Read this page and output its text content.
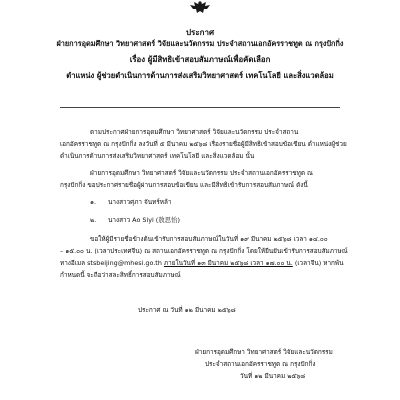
ประกาศ
ฝ่ายการอุดมศึกษา วิทยาศาสตร์ วิจัยและนวัตกรรม ประจำสถานเอกอัครราชทูต ณ กรุงปักกิ่ง
เรื่อง ผู้มีสิทธิเข้าสอบสัมภาษณ์เพื่อคัดเลือก
ตำแหน่ง ผู้ช่วยดำเนินการด้านการส่งเสริมวิทยาศาสตร์ เทคโนโลยี และสิ่งแวดล้อม
ตามประกาศฝ่ายการอุดมศึกษา วิทยาศาสตร์ วิจัยและนวัตกรรม ประจำสถาน
เอกอัครราชทูต ณ กรุงปักกิ่ง ลงวันที่ ๕ มีนาคม ๒๕๖๘ เรื่องรายชื่อผู้มีสิทธิเข้าสอบข้อเขียน ตำแหน่งผู้ช่วย
ดำเนินการด้านการส่งเสริมวิทยาศาสตร์ เทคโนโลยี และสิ่งแวดล้อม นั้น
ฝ่ายการอุดมศึกษา วิทยาศาสตร์ วิจัยและนวัตกรรม ประจำสถานเอกอัครราชทูต ณ
กรุงปักกิ่ง ขอประกาศรายชื่อผู้ผ่านการสอบข้อเขียน และมีสิทธิเข้ารับการสอบสัมภาษณ์ ดังนี้
๑. นางสาวศุภา จันทร์หล้า
๒. นางสาว Ao Siyi (敖思怡)
ขอให้ผู้มีรายชื่อข้างต้นเข้ารับการสอบสัมภาษณ์ในวันที่ ๑๙ มีนาคม ๒๕๖๘ เวลา ๑๔.๐๐
– ๑๕.๐๐ น. (เวลาประเทศจีน) ณ สถานเอกอัครราชทูต ณ กรุงปักกิ่ง โดยให้ยืนยันเข้ารับการสอบสัมภาษณ์
ทางอีเมล stsbeijing@mhesi.go.th ภายในวันที่ ๑๓ มีนาคม ๒๕๖๘ เวลา ๑๗.๐๐ น. (เวลาจีน) หากพ้น
กำหนดนี้ จะถือว่าสละสิทธิ์การสอบสัมภาษณ์
ประกาศ ณ วันที่ ๑๒ มีนาคม ๒๕๖๘
ฝ่ายการอุดมศึกษา วิทยาศาสตร์ วิจัยและนวัตกรรม
ประจำสถานเอกอัครราชทูต ณ กรุงปักกิ่ง
วันที่ ๑๒ มีนาคม ๒๕๖๘
